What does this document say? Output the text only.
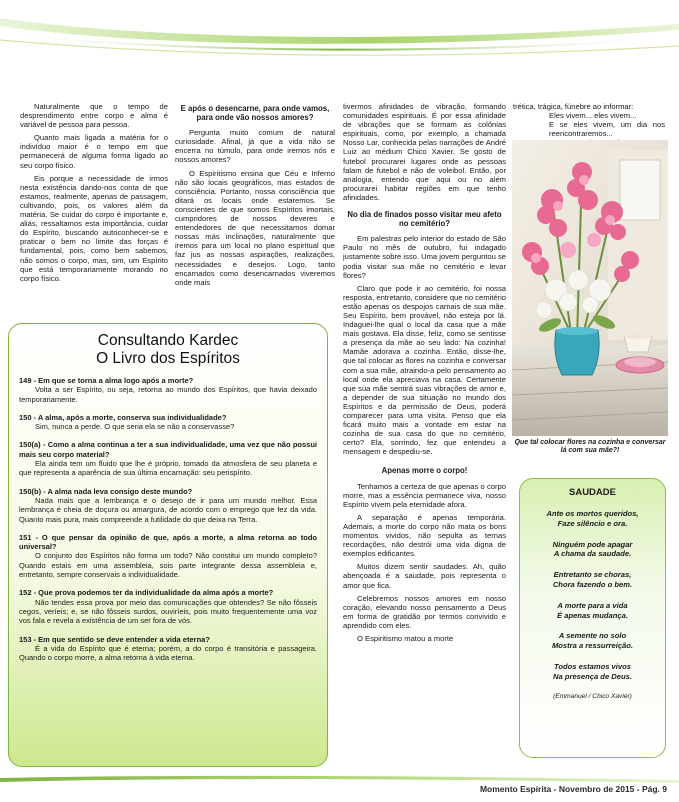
Naturalmente que o tempo de desprendimento entre corpo e alma é variável de pessoa para pessoa.

Quanto mais ligada a matéria for o indivíduo maior é o tempo em que permanecerá de alguma forma ligado ao seu corpo físico.

Eis porque a necessidade de irmos nesta existência dando-nos conta de que estamos, realmente, apenas de passagem, cultivando, pois, os valores além da matéria. Se cuidar do corpo é importante e, aliás, ressaltamos esta importância, cuidar do Espírito, buscando autoconhecer-se e praticar o bem no limite das forças é fundamental, pois, como bem sabemos, não somos o corpo, mas, sim, um Espírito que está temporariamente morando no corpo físico.

E após o desencarne, para onde vamos, para onde vão nossos amores?

Pergunta muito comum de natural curiosidade. Afinal, já que a vida não se encerra no túmulo, para onde iremos nós e nossos amores?

O Espiritismo ensina que Céu e Inferno não são locais geográficos, mas estados de consciência. Portanto, nossa consciência que ditará os locais onde estaremos. Se conscientes de que somos Espíritos imortais, cumpridores de nossos deveres e entendedores de que necessitamos domar nossas más inclinações, naturalmente que iremos para um local no plano espiritual que faz jus as nossas aspirações, realizações, necessidades e desejos. Logo, tanto encarnados como desencarnados viveremos onde mais

tivermos afinidades de vibração, formando comunidades espirituais. É por essa afinidade de vibrações que se formam as colônias espirituais, como, por exemplo, a chamada Nosso Lar, conhecida pelas narrações de André Luiz ao médium Chico Xavier. Se gosto de futebol procurarei lugares onde as pessoas falam de futebol e não de voleibol. Então, por analogia, entendo que aqui ou no além procurarei habitar regiões em que tenho afinidades.

No dia de finados posso visitar meu afeto no cemitério?

Em palestras pelo interior do estado de São Paulo no mês de outubro, fui indagado justamente sobre isso. Uma jovem perguntou se podia visitar sua mãe no cemitério e levar flores?

Claro que pode ir ao cemitério, foi nossa resposta, entretanto, considere que no cemitério estão apenas os despojos carnais de sua mãe. Seu Espírito, bem provável, não esteja por lá. Indaguei-lhe qual o local da casa que a mãe mais gostava. Ela disse, feliz, como se sentisse a presença da mãe ao seu lado: Na cozinha! Mamãe adorava a cozinha. Então, disse-lhe, que tal colocar as flores na cozinha e conversar com a sua mãe, atraindo-a pelo pensamento ao local onde ela apreciava na casa. Certamente que sua mãe sentirá suas vibrações de amor e, a depender de sua situação no mundo dos Espíritos e da permissão de Deus, poderá comparecer para uma visita. Penso que ela ficará muito mais a vontade em estar na cozinha de sua casa do que no cemitério, certo? Ela, sorrindo, fez que entendeu a mensagem e despediu-se.

Apenas morre o corpo!

Tenhamos a certeza de que apenas o corpo morre, mas a essência permanece viva, nosso Espírito vivem pela eternidade afora.

A separação é apenas temporária. Ademais, a morte do corpo não mata os bons momentos vividos, não sepulta as ternas recordações, não destrói uma vida digna de exemplos edificantes.

Muitos dizem sentir saudades. Ah, quão abençoada é a saudade, pois representa o amor que fica.

Celebremos nossos amores em nosso coração, elevando nosso pensamento a Deus em forma de gratidão por termos convivido e aprendido com eles.

O Espiritismo matou a morte

trética, trágica, fúnebre ao informar:

Eles vivem... eles vivem...

E se eles vivem, um dia nos reencontraremos...

Que tal colocar flores na cozinha e conversar lá com sua mãe?!
Consultando Kardec
O Livro dos Espíritos
149 - Em que se torna a alma logo após a morte?
Volta a ser Espírito, ou seja, retorna ao mundo dos Espíritos, que havia deixado temporariamente.
150 - A alma, após a morte, conserva sua individualidade?
Sim, nunca a perde. O que seria ela se não a conservasse?
150(a) - Como a alma continua a ter a sua individualidade, uma vez que não possui mais seu corpo material?
Ela ainda tem um fluido que lhe é próprio, tomado da atmosfera de seu planeta e que representa a aparência de sua última encarnação: seu perispírito.
150(b) - A alma nada leva consigo deste mundo?
Nada mais que a lembrança e o desejo de ir para um mundo melhor. Essa lembrança é cheia de doçura ou amargura, de acordo com o emprego que fez da vida. Quanto mais pura, mais compreende a futilidade do que deixa na Terra.
151 - O que pensar da opinião de que, após a morte, a alma retorna ao todo universal?
O conjunto dos Espíritos não forma um todo? Não constitui um mundo completo? Quando estais em uma assembleia, sois parte integrante dessa assembleia e, entretanto, sempre conservais a individualidade.
152 - Que prova podemos ter da individualidade da alma após a morte?
Não tendes essa prova por meio das comunicações que obtendes? Se não fôsseis cegos, veríeis; e, se não fôsseis surdos, ouviríeis, pois muito frequentemente uma voz vos fala e revela a existência de um ser fora de vós.
153 - Em que sentido se deve entender a vida eterna?
É a vida do Espírito que é eterna; porém, a do corpo é transitória e passageira. Quando o corpo morre, a alma retorna à vida eterna.
SAUDADE
Ante os mortos queridos,
Faze silêncio e ora.
Ninguém pode apagar
A chama da saudade.
Entretanto se choras,
Chora fazendo o bem.
A morte para a vida
É apenas mudança.
A semente no solo
Mostra a ressurreição.
Todos estamos vivos
Na presença de Deus.
(Emmanuel / Chico Xavier)
Momento Espírita - Novembro de 2015 - Pág. 9
